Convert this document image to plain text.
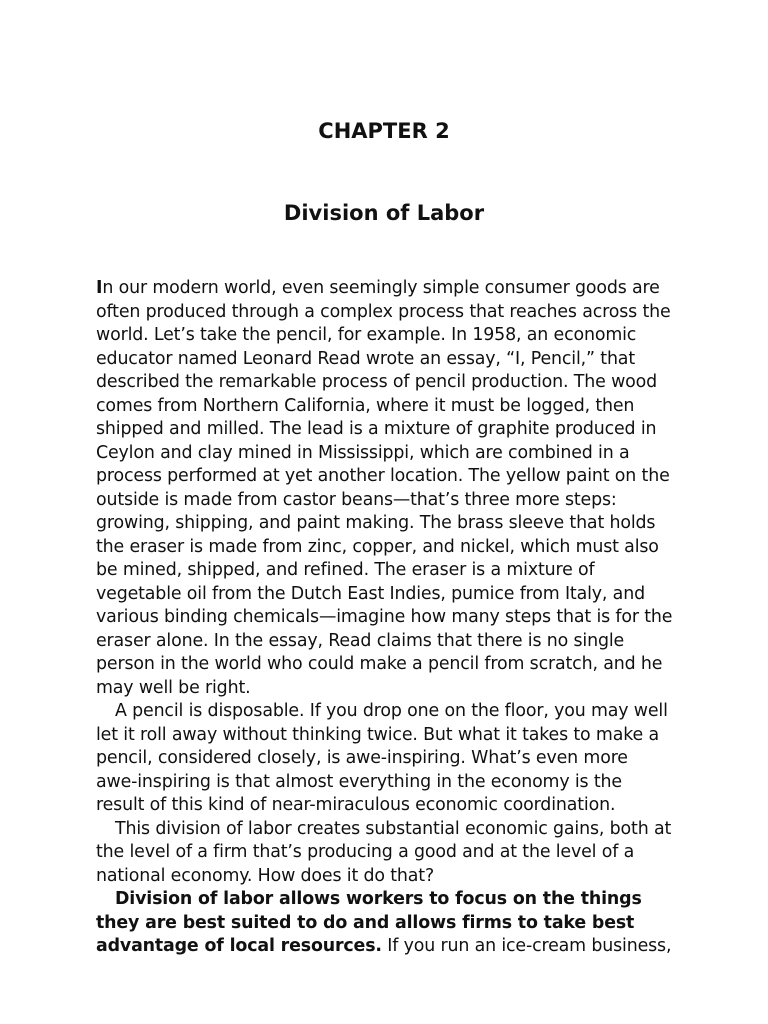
CHAPTER 2
Division of Labor

In our modern world, even seemingly simple consumer goods are often produced through a complex process that reaches across the world. Let’s take the pencil, for example. In 1958, an economic educator named Leonard Read wrote an essay, “I, Pencil,” that described the remarkable process of pencil production. The wood comes from Northern California, where it must be logged, then shipped and milled. The lead is a mixture of graphite produced in Ceylon and clay mined in Mississippi, which are combined in a process performed at yet another location. The yellow paint on the outside is made from castor beans—that’s three more steps: growing, shipping, and paint making. The brass sleeve that holds the eraser is made from zinc, copper, and nickel, which must also be mined, shipped, and refined. The eraser is a mixture of vegetable oil from the Dutch East Indies, pumice from Italy, and various binding chemicals—imagine how many steps that is for the eraser alone. In the essay, Read claims that there is no single person in the world who could make a pencil from scratch, and he may well be right.

A pencil is disposable. If you drop one on the floor, you may well let it roll away without thinking twice. But what it takes to make a pencil, considered closely, is awe-inspiring. What’s even more awe-inspiring is that almost everything in the economy is the result of this kind of near-miraculous economic coordination.

This division of labor creates substantial economic gains, both at the level of a firm that’s producing a good and at the level of a national economy. How does it do that?

Division of labor allows workers to focus on the things they are best suited to do and allows firms to take best advantage of local resources. If you run an ice-cream business,
